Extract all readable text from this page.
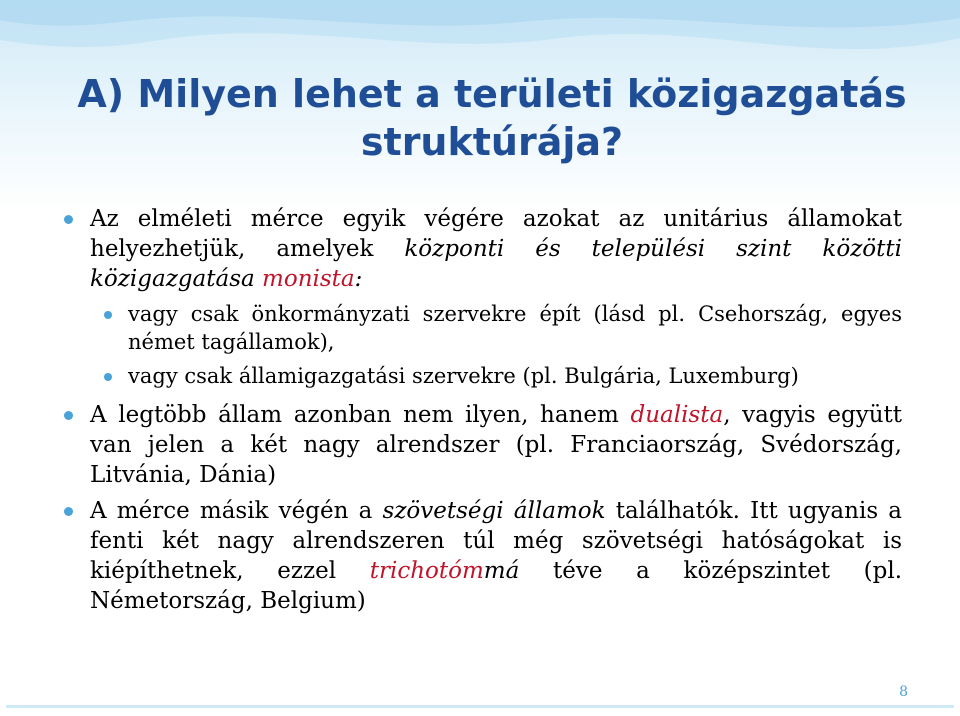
A) Milyen lehet a területi közigazgatás struktúrája?
Az elméleti mérce egyik végére azokat az unitárius államokat helyezhetjük, amelyek központi és települési szint közötti közigazgatása monista:
vagy csak önkormányzati szervekre épít (lásd pl. Csehország, egyes német tagállamok),
vagy csak államigazgatási szervekre (pl. Bulgária, Luxemburg)
A legtöbb állam azonban nem ilyen, hanem dualista, vagyis együtt van jelen a két nagy alrendszer (pl. Franciaország, Svédország, Litvánia, Dánia)
A mérce másik végén a szövetségi államok találhatók. Itt ugyanis a fenti két nagy alrendszeren túl még szövetségi hatóságokat is kiépíthetnek, ezzel trichotómmá téve a középszintet (pl. Németország, Belgium)
8
